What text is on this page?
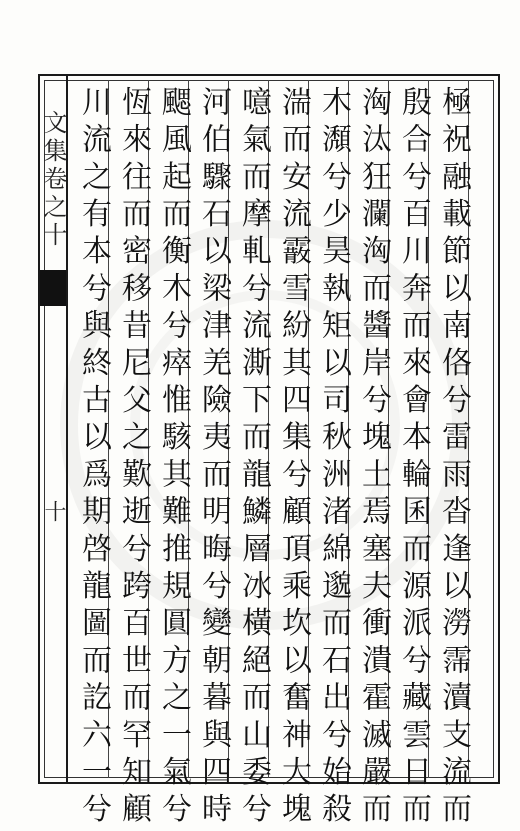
文集卷之十
十	極祝融載節以南佫兮雷雨沓逢以澇霈瀆支流而
殷合兮百川奔而來會本輪囷而源派兮藏雲日而
洶汰狂瀾洶而醬岸兮塊土焉塞夫衝潰霍滅嚴而
木瀩兮少昊執矩以司秋洲渚綿邈而石出兮始殺
湍而安流霰雪紛其四集兮顧頂乘坎以奮神大塊
噫氣而摩軋兮流澌下而龍鱗層冰橫絕而山委兮
河伯驟石以梁津羌險夷而明晦兮變朝暮與四時
颸風起而衡木兮瘁惟駭其難推規圓方之一氣兮
恆來往而密移昔尼父之歎逝兮跨百世而罕知顧
川流之有本兮與終古以爲期啓龍圖而訖六一兮
